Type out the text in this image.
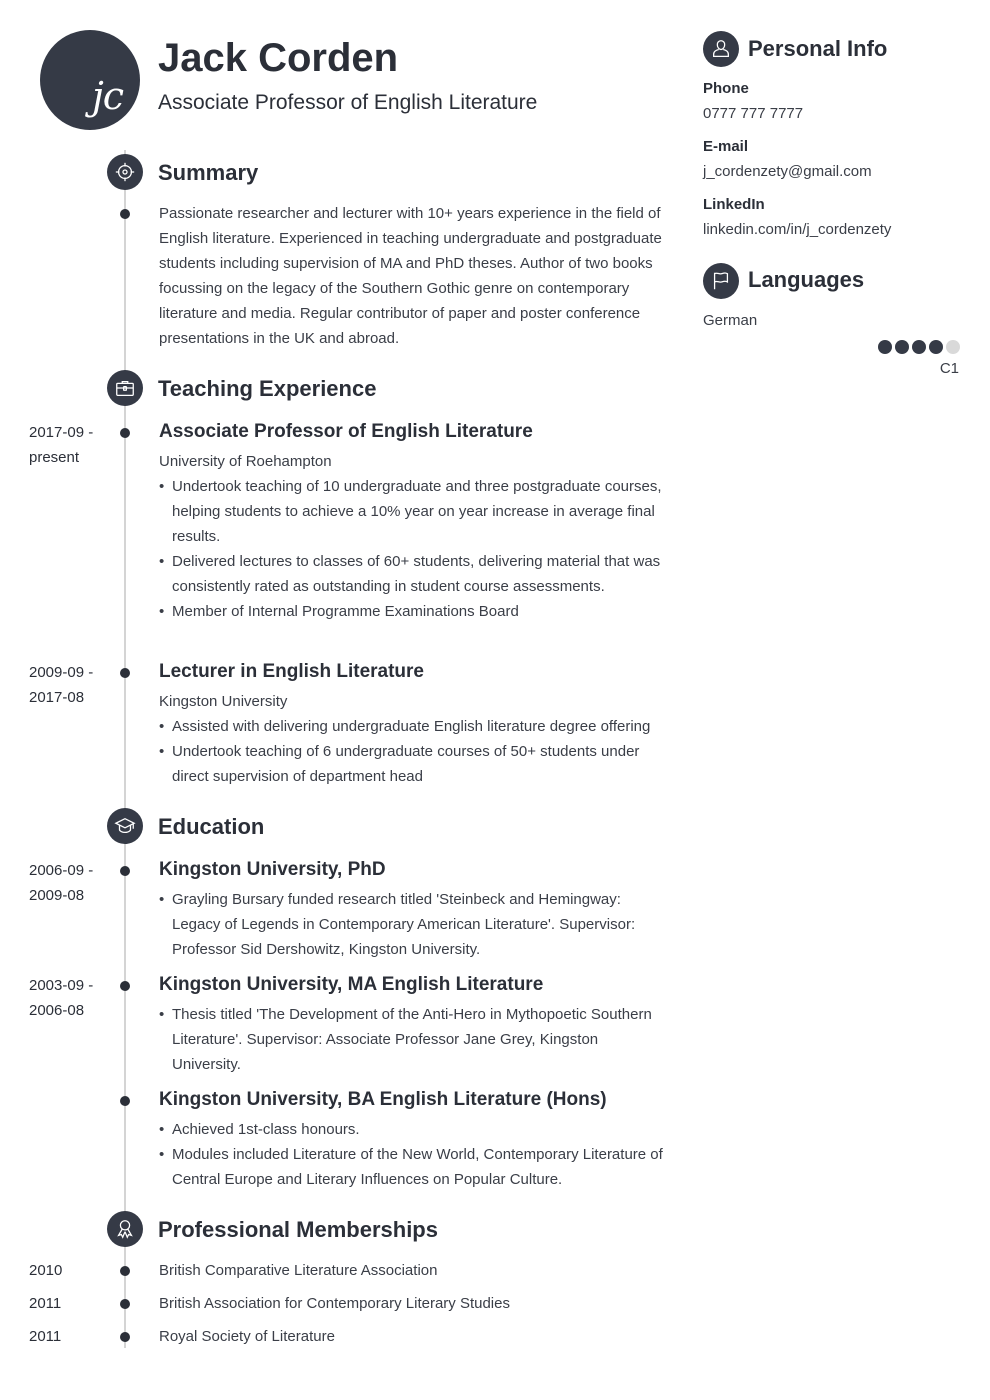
jc
Jack Corden
Associate Professor of English Literature
Summary
Passionate researcher and lecturer with 10+ years experience in the field of English literature. Experienced in teaching undergraduate and postgraduate students including supervision of MA and PhD theses. Author of two books focussing on the legacy of the Southern Gothic genre on contemporary literature and media. Regular contributor of paper and poster conference presentations in the UK and abroad.
Teaching Experience
2017-09 -
present
Associate Professor of English Literature
University of Roehampton
• Undertook teaching of 10 undergraduate and three postgraduate courses, helping students to achieve a 10% year on year increase in average final results.
• Delivered lectures to classes of 60+ students, delivering material that was consistently rated as outstanding in student course assessments.
• Member of Internal Programme Examinations Board
2009-09 -
2017-08
Lecturer in English Literature
Kingston University
• Assisted with delivering undergraduate English literature degree offering
• Undertook teaching of 6 undergraduate courses of 50+ students under direct supervision of department head
Education
2006-09 -
2009-08
Kingston University, PhD
• Grayling Bursary funded research titled 'Steinbeck and Hemingway: Legacy of Legends in Contemporary American Literature'. Supervisor: Professor Sid Dershowitz, Kingston University.
2003-09 -
2006-08
Kingston University, MA English Literature
• Thesis titled 'The Development of the Anti-Hero in Mythopoetic Southern Literature'. Supervisor: Associate Professor Jane Grey, Kingston University.
Kingston University, BA English Literature (Hons)
• Achieved 1st-class honours.
• Modules included Literature of the New World, Contemporary Literature of Central Europe and Literary Influences on Popular Culture.
Professional Memberships
2010	British Comparative Literature Association
2011	British Association for Contemporary Literary Studies
2011	Royal Society of Literature
Personal Info
Phone
0777 777 7777
E-mail
j_cordenzety@gmail.com
LinkedIn
linkedin.com/in/j_cordenzety
Languages
German
C1
